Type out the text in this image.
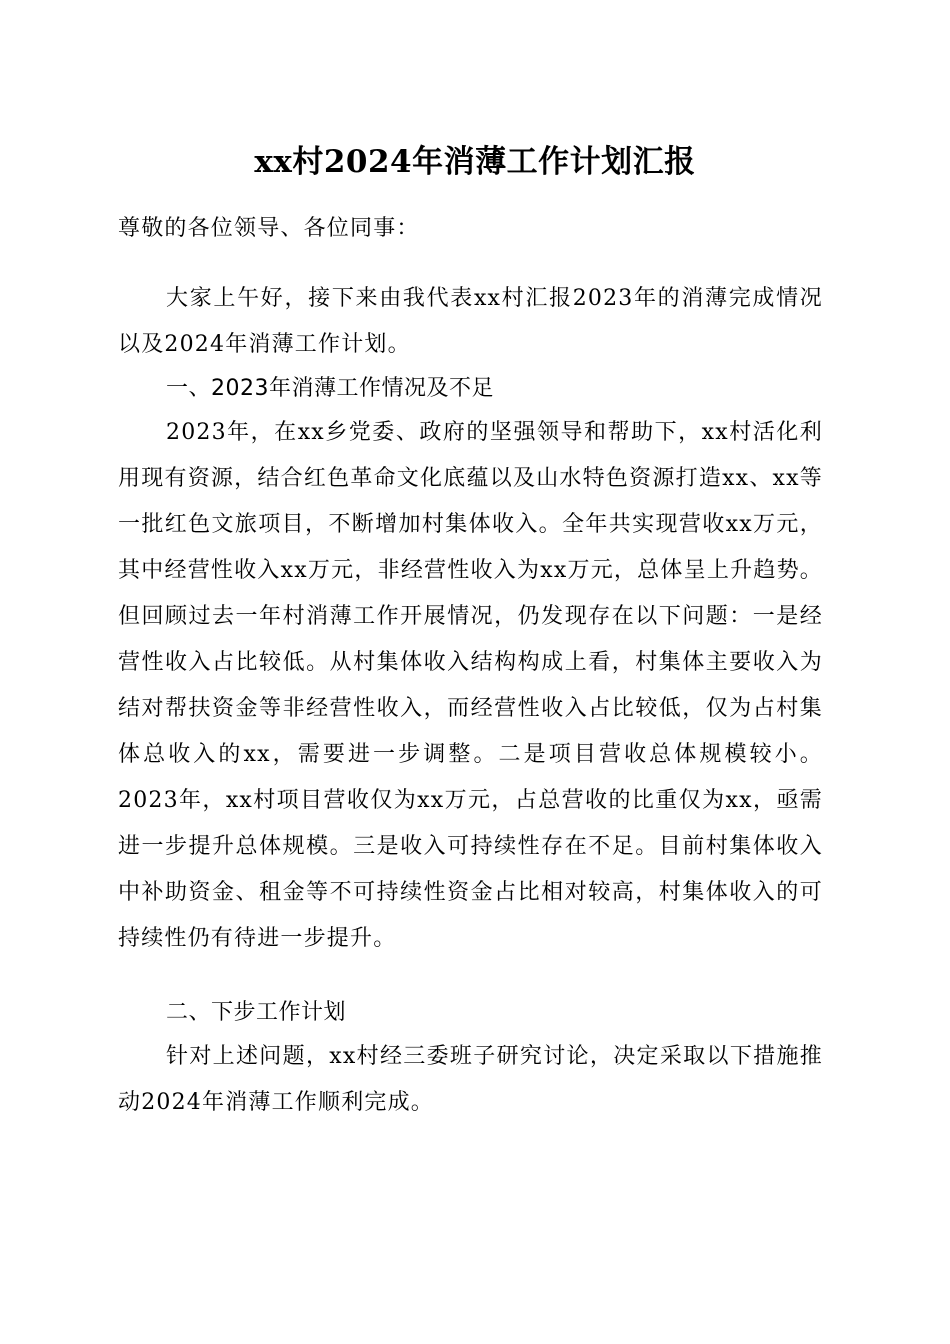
xx村2024年消薄工作计划汇报

尊敬的各位领导、各位同事：

大家上午好，接下来由我代表xx村汇报2023年的消薄完成情况以及2024年消薄工作计划。

一、2023年消薄工作情况及不足

2023年，在xx乡党委、政府的坚强领导和帮助下，xx村活化利用现有资源，结合红色革命文化底蕴以及山水特色资源打造xx、xx等一批红色文旅项目，不断增加村集体收入。全年共实现营收xx万元，其中经营性收入xx万元，非经营性收入为xx万元，总体呈上升趋势。但回顾过去一年村消薄工作开展情况，仍发现存在以下问题：一是经营性收入占比较低。从村集体收入结构构成上看，村集体主要收入为结对帮扶资金等非经营性收入，而经营性收入占比较低，仅为占村集体总收入的xx，需要进一步调整。二是项目营收总体规模较小。2023年，xx村项目营收仅为xx万元，占总营收的比重仅为xx，亟需进一步提升总体规模。三是收入可持续性存在不足。目前村集体收入中补助资金、租金等不可持续性资金占比相对较高，村集体收入的可持续性仍有待进一步提升。

二、下步工作计划

针对上述问题，xx村经三委班子研究讨论，决定采取以下措施推动2024年消薄工作顺利完成。
